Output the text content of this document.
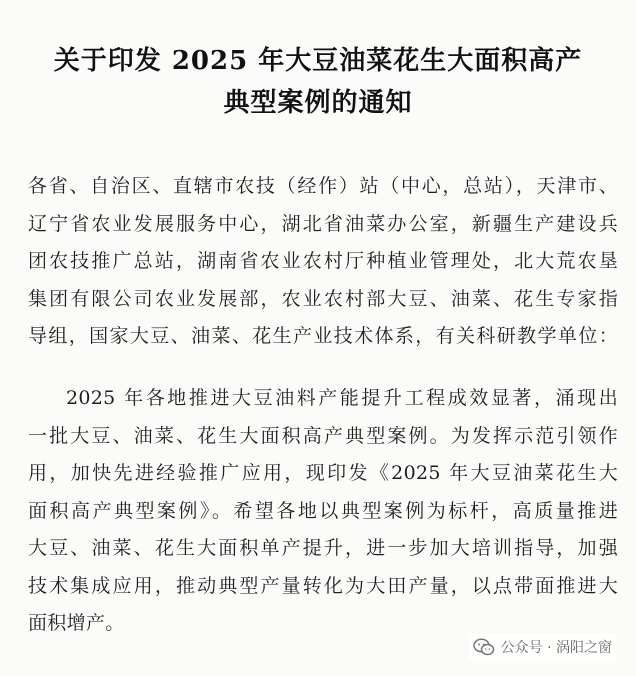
关于印发 2025 年大豆油菜花生大面积高产
典型案例的通知
各省、自治区、直辖市农技（经作）站（中心，总站），天津市、
辽宁省农业发展服务中心，湖北省油菜办公室，新疆生产建设兵
团农技推广总站，湖南省农业农村厅种植业管理处，北大荒农垦
集团有限公司农业发展部，农业农村部大豆、油菜、花生专家指
导组，国家大豆、油菜、花生产业技术体系，有关科研教学单位：
2025 年各地推进大豆油料产能提升工程成效显著，涌现出
一批大豆、油菜、花生大面积高产典型案例。为发挥示范引领作
用，加快先进经验推广应用，现印发《2025 年大豆油菜花生大
面积高产典型案例》。希望各地以典型案例为标杆，高质量推进
大豆、油菜、花生大面积单产提升，进一步加大培训指导，加强
技术集成应用，推动典型产量转化为大田产量，以点带面推进大
面积增产。
公众号 · 涡阳之窗
